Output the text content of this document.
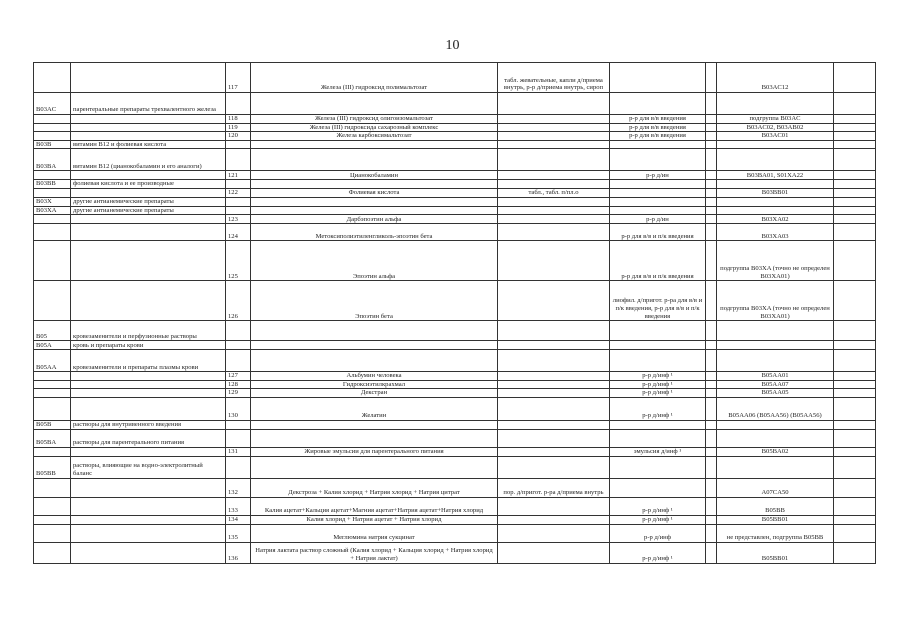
10
		117	Железа (III) гидроксид полимальтозат	табл. жевательные, капли д/приема внутрь, р-р д/приема внутрь, сироп			B03AC12	
B03AC	парентеральные препараты трехвалентного железа							
		118	Железа (III) гидроксид олигоизомальтозат		р-р для в/в введения		подгруппа B03AC	
		119	Железа (III) гидроксида сахарозный комплекс		р-р для в/в введения		B03AC02, B03AB02	
		120	Железа карбоксимальтозат		р-р для в/в введения		B03AC01	
B03B	витамин B12 и фолиевая кислота							
B03BA	витамин B12 (цианокобаламин и его аналоги)							
		121	Цианокобаламин		р-р д/ин		B03BA01, S01XA22	
B03BB	фолиевая кислота и ее производные							
		122	Фолиевая кислота	табл., табл. п/пл.о			B03BB01	
B03X	другие антианемические препараты							
B03XA	другие антианемические препараты							
		123	Дарбэпоэтин альфа		р-р д/ин		B03XA02	
		124	Метоксиполиэтиленгликоль-эпоэтин бета		р-р для в/в и п/к введения		B03XA03	
		125	Эпоэтин альфа		р-р для в/в и п/к введения		подгруппа B03XA (точно не определен B03XA01)	
		126	Эпоэтин бета		лиофил. д/пригот. р-ра для в/в и п/к введения, р-р для в/в и п/к введения		подгруппа B03XA (точно не определен B03XA01)	
B05	кровезаменители и перфузионные растворы							
B05A	кровь и препараты крови							
B05AA	кровезаменители и препараты плазмы крови							
		127	Альбумин человека		р-р д/инф ¹		B05AA01	
		128	Гидроксиэтилкрахмал		р-р д/инф ¹		B05AA07	
		129	Декстран		р-р д/инф ¹		B05AA05	
		130	Желатин		р-р д/инф ¹		B05AA06 (B05AA56) (B05AA56)	
B05B	растворы для внутривенного введения							
B05BA	растворы для парентерального питания							
		131	Жировые эмульсии для парентерального питания		эмульсия д/инф ¹		B05BA02	
B05BB	растворы, влияющие на водно-электролитный баланс							
		132	Декстроза + Калия хлорид + Натрия хлорид + Натрия цитрат	пор. д/пригот. р-ра д/приема внутрь			A07CA50	
		133	Калия ацетат+Кальция ацетат+Магния ацетат+Натрия ацетат+Натрия хлорид		р-р д/инф ¹		B05BB	
		134	Калия хлорид + Натрия ацетат + Натрия хлорид		р-р д/инф ¹		B05BB01	
		135	Меглюмина натрия сукцинат		р-р д/инф		не представлен, подгруппа B05BB	
		136	Натрия лактата раствор сложный (Калия хлорид + Кальция хлорид + Натрия хлорид + Натрия лактат)		р-р д/инф ¹		B05BB01	
